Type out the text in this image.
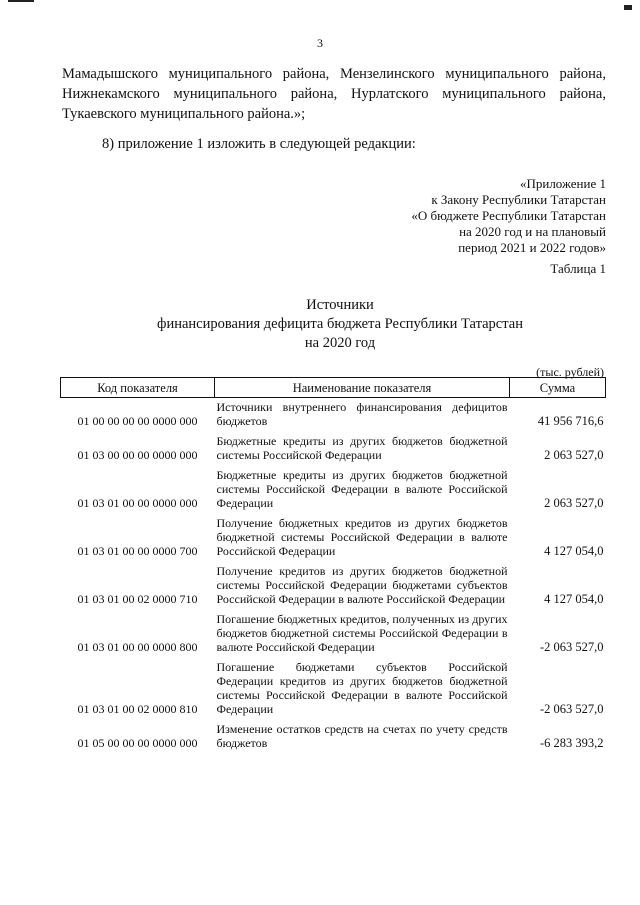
3
Мамадышского муниципального района, Мензелинского муниципального района,
Нижнекамского муниципального района, Нурлатского муниципального района,
Тукаевского муниципального района.»;
8) приложение 1 изложить в следующей редакции:
«Приложение 1
к Закону Республики Татарстан
«О бюджете Республики Татарстан
на 2020 год и на плановый
период 2021 и 2022 годов»
Таблица 1
Источники
финансирования дефицита бюджета Республики Татарстан
на 2020 год
(тыс. рублей)
Код показателя	Наименование показателя	Сумма
01 00 00 00 00 0000 000	Источники внутреннего финансирования дефицитов бюджетов	41 956 716,6
01 03 00 00 00 0000 000	Бюджетные кредиты из других бюджетов бюджетной системы Российской Федерации	2 063 527,0
01 03 01 00 00 0000 000	Бюджетные кредиты из других бюджетов бюджетной системы Российской Федерации в валюте Российской Федерации	2 063 527,0
01 03 01 00 00 0000 700	Получение бюджетных кредитов из других бюджетов бюджетной системы Российской Федерации в валюте Российской Федерации	4 127 054,0
01 03 01 00 02 0000 710	Получение кредитов из других бюджетов бюджетной системы Российской Федерации бюджетами субъектов Российской Федерации в валюте Российской Федерации	4 127 054,0
01 03 01 00 00 0000 800	Погашение бюджетных кредитов, полученных из других бюджетов бюджетной системы Российской Федерации в валюте Российской Федерации	-2 063 527,0
01 03 01 00 02 0000 810	Погашение бюджетами субъектов Российской Федерации кредитов из других бюджетов бюджетной системы Российской Федерации в валюте Российской Федерации	-2 063 527,0
01 05 00 00 00 0000 000	Изменение остатков средств на счетах по учету средств бюджетов	-6 283 393,2
